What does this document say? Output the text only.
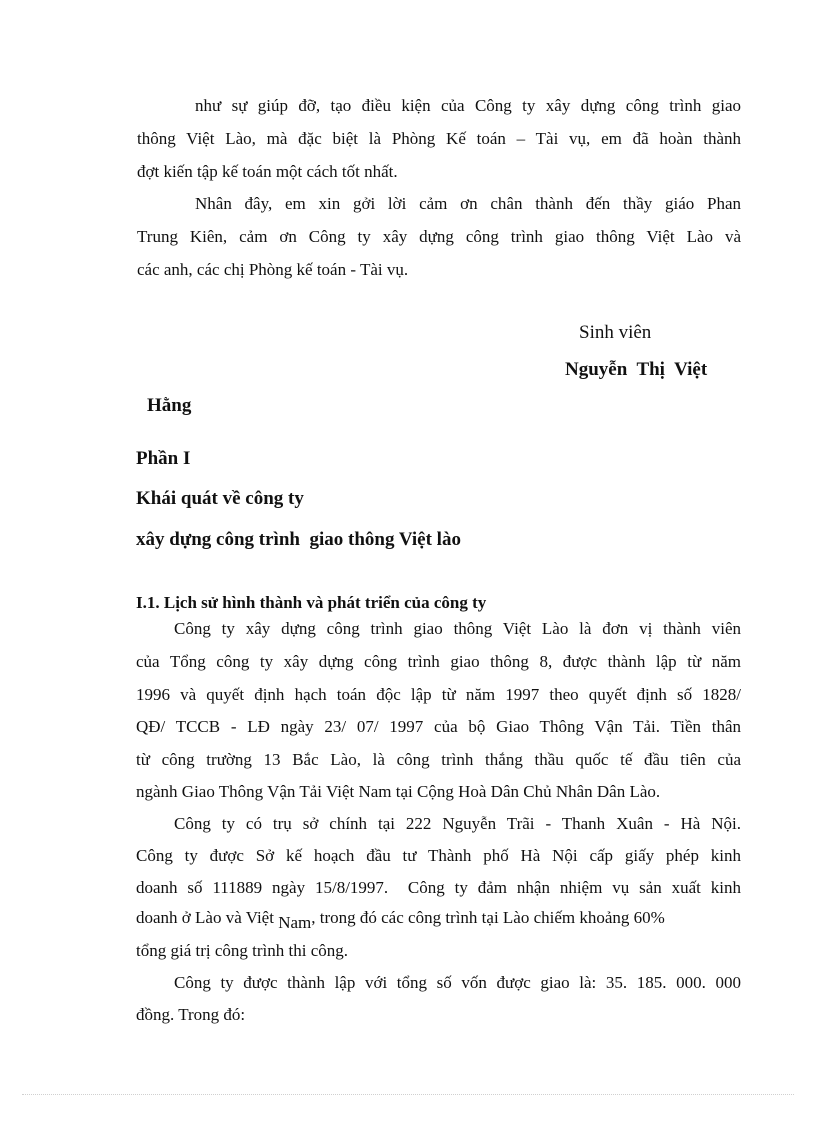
như sự giúp đỡ, tạo điều kiện của Công ty xây dựng công trình giao
thông Việt Lào, mà đặc biệt là Phòng Kế toán – Tài vụ, em đã hoàn thành
đợt kiến tập kế toán một cách tốt nhất.
Nhân đây, em xin gởi lời cảm ơn chân thành đến thầy giáo Phan
Trung Kiên, cảm ơn Công ty xây dựng công trình giao thông Việt Lào và
các anh, các chị Phòng kế toán - Tài vụ.
Sinh viên
Nguyễn  Thị  Việt
Hằng
Phần I
Khái quát về công ty
xây dựng công trình  giao thông Việt lào
I.1. Lịch sử hình thành và phát triển của công ty
Công ty xây dựng công trình giao thông Việt Lào là đơn vị thành viên
của Tổng công ty xây dựng công trình giao thông 8, được thành lập từ năm
1996 và quyết định hạch toán độc lập từ năm 1997 theo quyết định số 1828/
QĐ/ TCCB - LĐ ngày 23/ 07/ 1997 của bộ Giao Thông Vận Tải. Tiền thân
từ công trường 13 Bắc Lào, là công trình thắng thầu quốc tế đầu tiên của
ngành Giao Thông Vận Tải Việt Nam tại Cộng Hoà Dân Chủ Nhân Dân Lào.
Công ty có trụ sở chính tại 222 Nguyễn Trãi - Thanh Xuân - Hà Nội.
Công ty được Sở kế hoạch đầu tư Thành phố Hà Nội cấp giấy phép kinh
doanh số 111889 ngày 15/8/1997.  Công ty đảm nhận nhiệm vụ sản xuất kinh
doanh ở Lào và Việt Nam, trong đó các công trình tại Lào chiếm khoảng 60%
tổng giá trị công trình thi công.
Công ty được thành lập với tổng số vốn được giao là: 35. 185. 000. 000
đồng. Trong đó:
